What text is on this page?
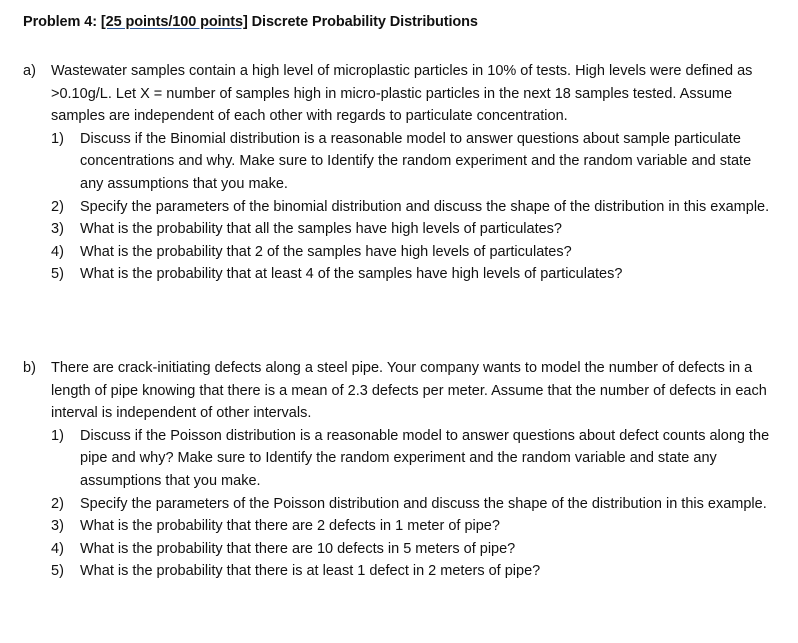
Problem 4: [25 points/100 points] Discrete Probability Distributions
a)	Wastewater samples contain a high level of microplastic particles in 10% of tests. High levels were defined as >0.10g/L. Let X = number of samples high in micro-plastic particles in the next 18 samples tested. Assume samples are independent of each other with regards to particulate concentration.
1)	Discuss if the Binomial distribution is a reasonable model to answer questions about sample particulate concentrations and why. Make sure to Identify the random experiment and the random variable and state any assumptions that you make.
2)	Specify the parameters of the binomial distribution and discuss the shape of the distribution in this example.
3)	What is the probability that all the samples have high levels of particulates?
4)	What is the probability that 2 of the samples have high levels of particulates?
5)	What is the probability that at least 4 of the samples have high levels of particulates?
b)	There are crack-initiating defects along a steel pipe. Your company wants to model the number of defects in a length of pipe knowing that there is a mean of 2.3 defects per meter. Assume that the number of defects in each interval is independent of other intervals.
1)	Discuss if the Poisson distribution is a reasonable model to answer questions about defect counts along the pipe and why? Make sure to Identify the random experiment and the random variable and state any assumptions that you make.
2)	Specify the parameters of the Poisson distribution and discuss the shape of the distribution in this example.
3)	What is the probability that there are 2 defects in 1 meter of pipe?
4)	What is the probability that there are 10 defects in 5 meters of pipe?
5)	What is the probability that there is at least 1 defect in 2 meters of pipe?
